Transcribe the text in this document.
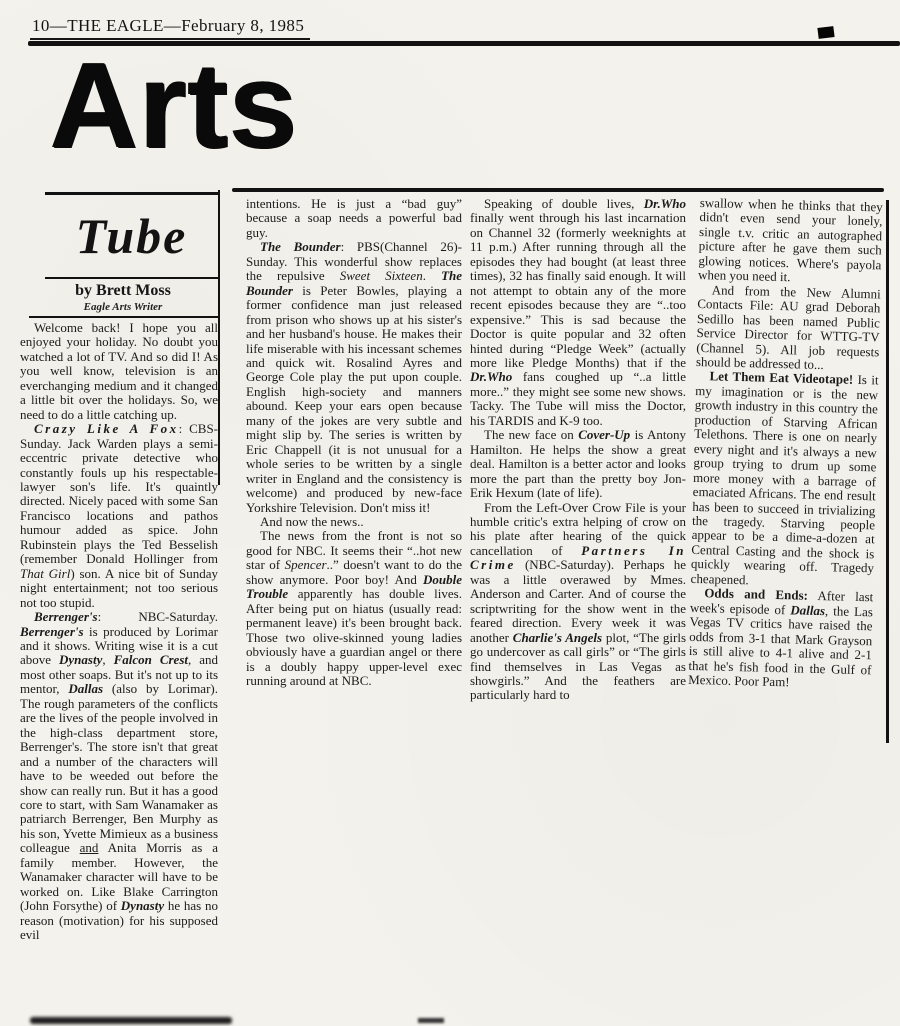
10—THE EAGLE—February 8, 1985
Arts
Tube
by Brett Moss
Eagle Arts Writer

Welcome back! I hope you all enjoyed your holiday. No doubt you watched a lot of TV. And so did I! As you well know, television is an everchanging medium and it changed a little bit over the holidays. So, we need to do a little catching up.

Crazy Like A Fox: CBS-Sunday. Jack Warden plays a semi-eccentric private detective who constantly fouls up his respectable-lawyer son's life. It's quaintly directed. Nicely paced with some San Francisco locations and pathos humour added as spice. John Rubinstein plays the Ted Besselish (remember Donald Hollinger from That Girl) son. A nice bit of Sunday night entertainment; not too serious not too stupid.

Berrenger's: NBC-Saturday. Berrenger's is produced by Lorimar and it shows. Writing wise it is a cut above Dynasty, Falcon Crest, and most other soaps. But it's not up to its mentor, Dallas (also by Lorimar). The rough parameters of the conflicts are the lives of the people involved in the high-class department store, Berrenger's. The store isn't that great and a number of the characters will have to be weeded out before the show can really run. But it has a good core to start, with Sam Wanamaker as patriarch Berrenger, Ben Murphy as his son, Yvette Mimieux as a business colleague and Anita Morris as a family member. However, the Wanamaker character will have to be worked on. Like Blake Carrington (John Forsythe) of Dynasty he has no reason (motivation) for his supposed evil

intentions. He is just a “bad guy” because a soap needs a powerful bad guy.

The Bounder: PBS(Channel 26)-Sunday. This wonderful show replaces the repulsive Sweet Sixteen. The Bounder is Peter Bowles, playing a former confidence man just released from prison who shows up at his sister's and her husband's house. He makes their life miserable with his incessant schemes and quick wit. Rosalind Ayres and George Cole play the put upon couple. English high-society and manners abound. Keep your ears open because many of the jokes are very subtle and might slip by. The series is written by Eric Chappell (it is not unusual for a whole series to be written by a single writer in England and the consistency is welcome) and produced by new-face Yorkshire Television. Don't miss it!

And now the news..

The news from the front is not so good for NBC. It seems their “..hot new star of Spencer..” doesn't want to do the show anymore. Poor boy! And Double Trouble apparently has double lives. After being put on hiatus (usually read: permanent leave) it's been brought back. Those two olive-skinned young ladies obviously have a guardian angel or there is a doubly happy upper-level exec running around at NBC.

Speaking of double lives, Dr.Who finally went through his last incarnation on Channel 32 (formerly weeknights at 11 p.m.) After running through all the episodes they had bought (at least three times), 32 has finally said enough. It will not attempt to obtain any of the more recent episodes because they are “..too expensive.” This is sad because the Doctor is quite popular and 32 often hinted during “Pledge Week” (actually more like Pledge Months) that if the Dr.Who fans coughed up “..a little more..” they might see some new shows. Tacky. The Tube will miss the Doctor, his TARDIS and K-9 too.

The new face on Cover-Up is Antony Hamilton. He helps the show a great deal. Hamilton is a better actor and looks more the part than the pretty boy Jon-Erik Hexum (late of life).

From the Left-Over Crow File is your humble critic's extra helping of crow on his plate after hearing of the quick cancellation of Partners In Crime (NBC-Saturday). Perhaps he was a little overawed by Mmes. Anderson and Carter. And of course the scriptwriting for the show went in the feared direction. Every week it was another Charlie's Angels plot, “The girls go undercover as call girls” or “The girls find themselves in Las Vegas as showgirls.” And the feathers are particularly hard to

swallow when he thinks that they didn't even send your lonely, single t.v. critic an autographed picture after he gave them such glowing notices. Where's payola when you need it.

And from the New Alumni Contacts File: AU grad Deborah Sedillo has been named Public Service Director for WTTG-TV (Channel 5). All job requests should be addressed to...

Let Them Eat Videotape! Is it my imagination or is the new growth industry in this country the production of Starving African Telethons. There is one on nearly every night and it's always a new group trying to drum up some more money with a barrage of emaciated Africans. The end result has been to succeed in trivializing the tragedy. Starving people appear to be a dime-a-dozen at Central Casting and the shock is quickly wearing off. Tragedy cheapened.

Odds and Ends: After last week's episode of Dallas, the Las Vegas TV critics have raised the odds from 3-1 that Mark Grayson is still alive to 4-1 alive and 2-1 that he's fish food in the Gulf of Mexico. Poor Pam!
